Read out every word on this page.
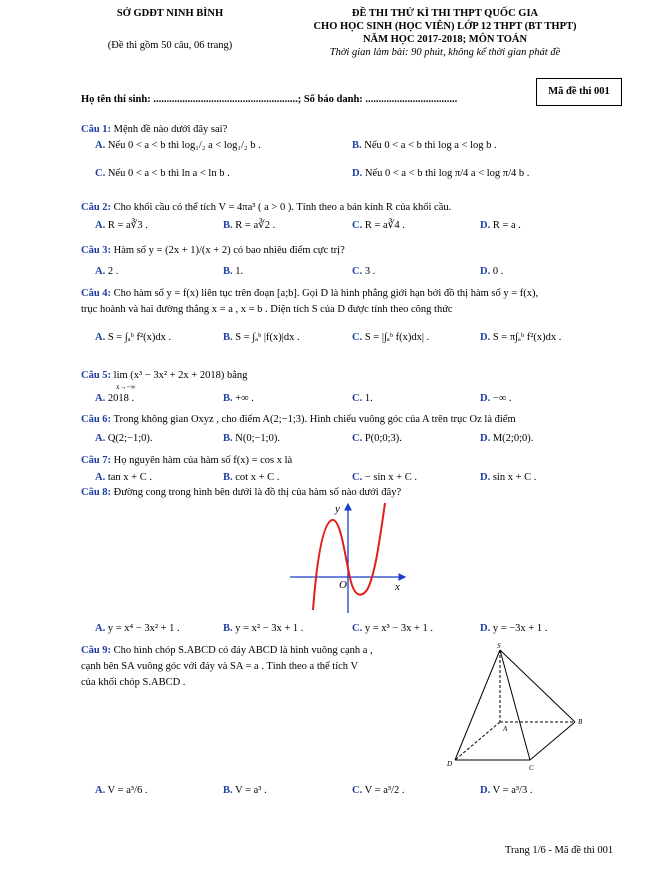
SỞ GDĐT NINH BÌNH
(Đề thi gồm 50 câu, 06 trang)
ĐỀ THI THỬ KÌ THI THPT QUỐC GIA
CHO HỌC SINH (HỌC VIÊN) LỚP 12 THPT (BT THPT)
NĂM HỌC 2017-2018; MÔN TOÁN
Thời gian làm bài: 90 phút, không kể thời gian phát đề
Họ tên thí sinh: .......................................................; Số báo danh: ...................................
Mã đề thi 001
Câu 1: Mệnh đề nào dưới đây sai?
A. Nếu 0 < a < b thì log₁/₂ a < log₁/₂ b .	B. Nếu 0 < a < b thì log a < log b .
C. Nếu 0 < a < b thì ln a < ln b .	D. Nếu 0 < a < b thì log π/4 a < log π/4 b .
Câu 2: Cho khối cầu có thể tích V = 4πa³ ( a > 0 ). Tính theo a bán kính R của khối cầu.
A. R = a∛3 .	B. R = a∛2 .	C. R = a∛4 .	D. R = a .
Câu 3: Hàm số y = (2x + 1)/(x + 2) có bao nhiêu điểm cực trị?
A. 2 .	B. 1.	C. 3 .	D. 0 .
Câu 4: Cho hàm số y = f(x) liên tục trên đoạn [a;b]. Gọi D là hình phẳng giới hạn bởi đồ thị hàm số y = f(x),
trục hoành và hai đường thẳng x = a , x = b . Diện tích S của D được tính theo công thức
A. S = ∫ₐᵇ f²(x)dx .	B. S = ∫ₐᵇ |f(x)|dx .	C. S = |∫ₐᵇ f(x)dx| .	D. S = π∫ₐᵇ f²(x)dx .
Câu 5: lim (x³ − 3x² + 2x + 2018) bằng
x→−∞
A. 2018 .	B. +∞ .	C. 1.	D. −∞ .
Câu 6: Trong không gian Oxyz , cho điểm A(2;−1;3). Hình chiếu vuông góc của A trên trục Oz là điểm
A. Q(2;−1;0).	B. N(0;−1;0).	C. P(0;0;3).	D. M(2;0;0).
Câu 7: Họ nguyên hàm của hàm số f(x) = cos x là
A. tan x + C .	B. cot x + C .	C. − sin x + C .	D. sin x + C .
Câu 8: Đường cong trong hình bên dưới là đồ thị của hàm số nào dưới đây?
O	x
y
A. y = x⁴ − 3x² + 1 .	B. y = x² − 3x + 1 .	C. y = x³ − 3x + 1 .	D. y = −3x + 1 .
Câu 9: Cho hình chóp S.ABCD có đáy ABCD là hình vuông cạnh a ,
cạnh bên SA vuông góc với đáy và SA = a . Tính theo a thể tích V
của khối chóp S.ABCD .
S
A
B
C
D
A. V = a³/6 .	B. V = a³ .	C. V = a³/2 .	D. V = a³/3 .
Trang 1/6 - Mã đề thi 001
